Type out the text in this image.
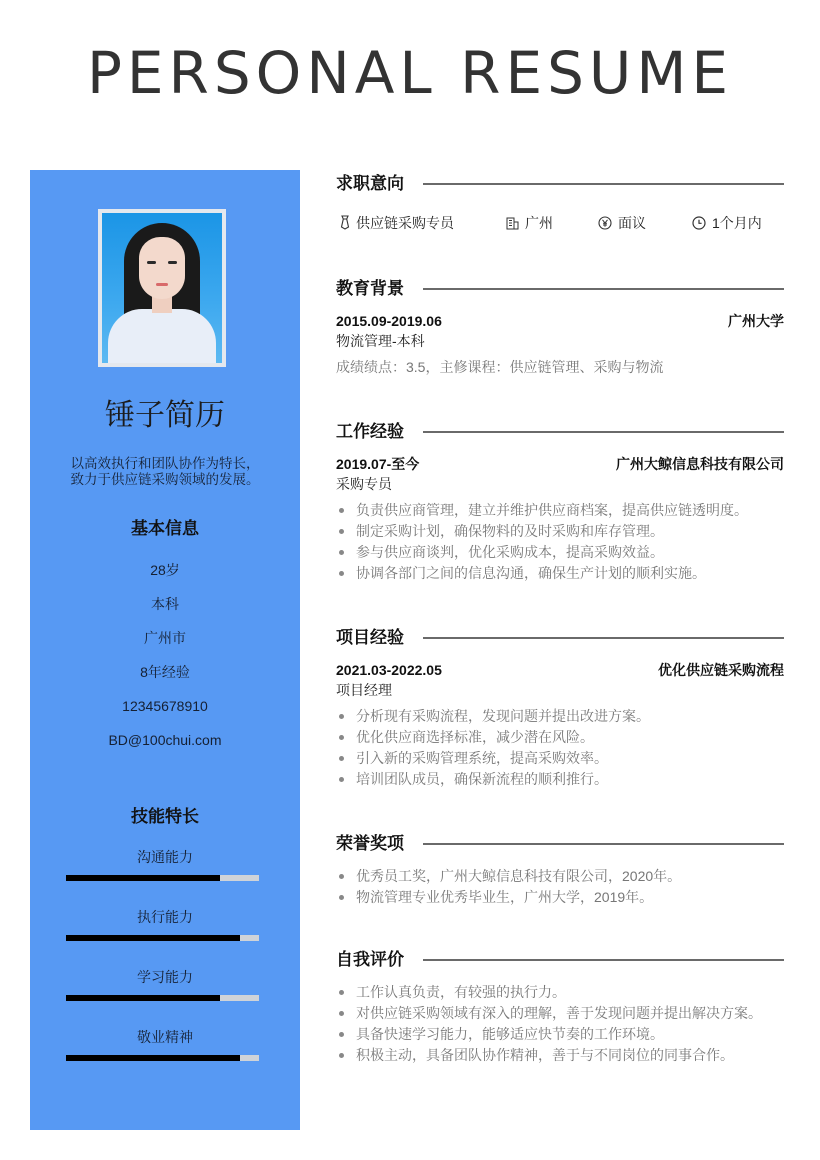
PERSONAL RESUME
锤子简历
以高效执行和团队协作为特长，
致力于供应链采购领域的发展。
基本信息
28岁
本科
广州市
8年经验
12345678910
BD@100chui.com
技能特长
沟通能力
执行能力
学习能力
敬业精神
求职意向
供应链采购专员	广州	面议	1个月内
教育背景
2015.09-2019.06	广州大学
物流管理-本科
成绩绩点：3.5，主修课程：供应链管理、采购与物流
工作经验
2019.07-至今	广州大鲸信息科技有限公司
采购专员
负责供应商管理，建立并维护供应商档案，提高供应链透明度。
制定采购计划，确保物料的及时采购和库存管理。
参与供应商谈判，优化采购成本，提高采购效益。
协调各部门之间的信息沟通，确保生产计划的顺利实施。
项目经验
2021.03-2022.05	优化供应链采购流程
项目经理
分析现有采购流程，发现问题并提出改进方案。
优化供应商选择标准，减少潜在风险。
引入新的采购管理系统，提高采购效率。
培训团队成员，确保新流程的顺利推行。
荣誉奖项
优秀员工奖，广州大鲸信息科技有限公司，2020年。
物流管理专业优秀毕业生，广州大学，2019年。
自我评价
工作认真负责，有较强的执行力。
对供应链采购领域有深入的理解，善于发现问题并提出解决方案。
具备快速学习能力，能够适应快节奏的工作环境。
积极主动，具备团队协作精神，善于与不同岗位的同事合作。
